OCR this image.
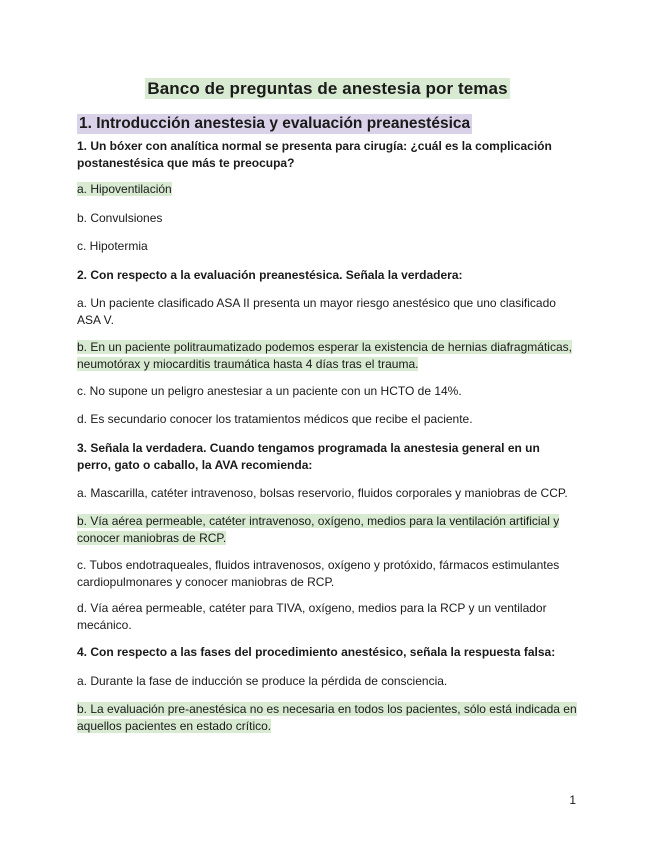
Banco de preguntas de anestesia por temas
1. Introducción anestesia y evaluación preanestésica
1. Un bóxer con analítica normal se presenta para cirugía: ¿cuál es la complicación postanestésica que más te preocupa?
a. Hipoventilación
b. Convulsiones
c. Hipotermia
2. Con respecto a la evaluación preanestésica. Señala la verdadera:
a. Un paciente clasificado ASA II presenta un mayor riesgo anestésico que uno clasificado ASA V.
b. En un paciente politraumatizado podemos esperar la existencia de hernias diafragmáticas, neumotórax y miocarditis traumática hasta 4 días tras el trauma.
c. No supone un peligro anestesiar a un paciente con un HCTO de 14%.
d. Es secundario conocer los tratamientos médicos que recibe el paciente.
3. Señala la verdadera. Cuando tengamos programada la anestesia general en un perro, gato o caballo, la AVA recomienda:
a. Mascarilla, catéter intravenoso, bolsas reservorio, fluidos corporales y maniobras de CCP.
b. Vía aérea permeable, catéter intravenoso, oxígeno, medios para la ventilación artificial y conocer maniobras de RCP.
c. Tubos endotraqueales, fluidos intravenosos, oxígeno y protóxido, fármacos estimulantes cardiopulmonares y conocer maniobras de RCP.
d. Vía aérea permeable, catéter para TIVA, oxígeno, medios para la RCP y un ventilador mecánico.
4. Con respecto a las fases del procedimiento anestésico, señala la respuesta falsa:
a. Durante la fase de inducción se produce la pérdida de consciencia.
b. La evaluación pre-anestésica no es necesaria en todos los pacientes, sólo está indicada en aquellos pacientes en estado crítico.
1
